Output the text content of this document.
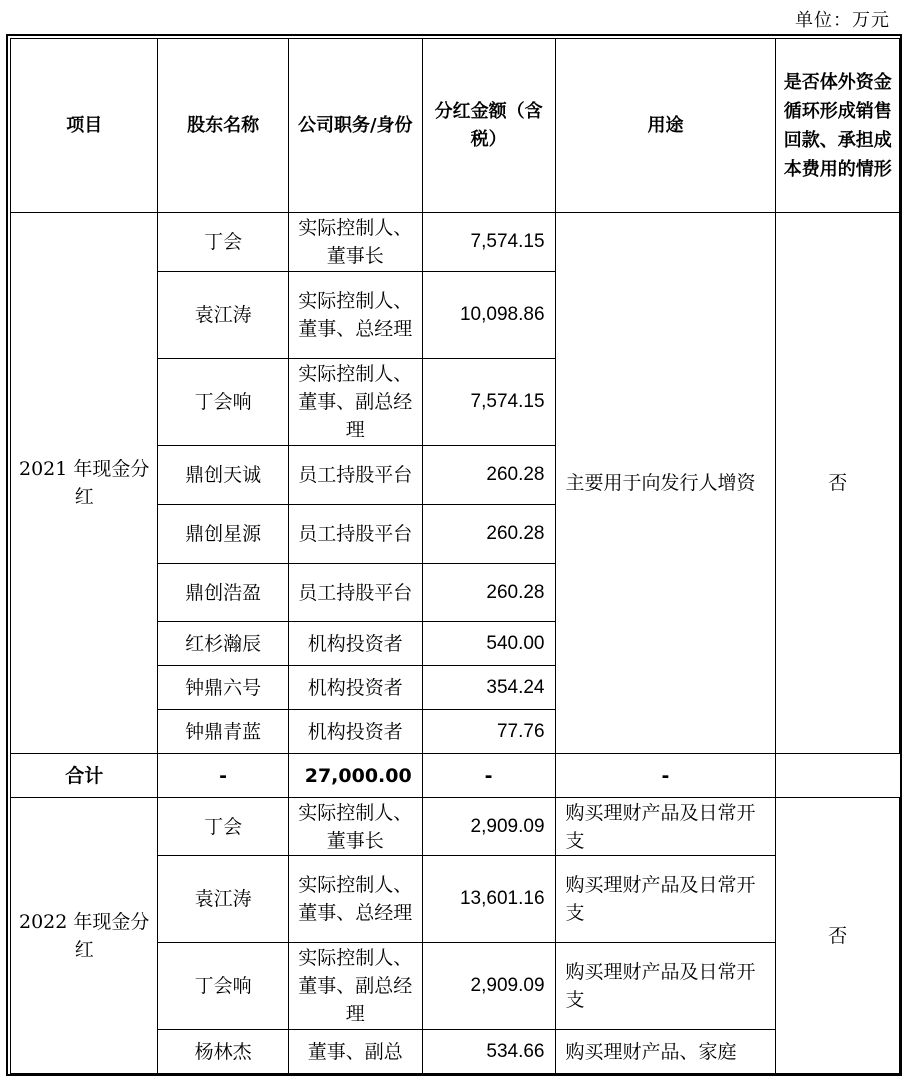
单位：万元
项目	股东名称	公司职务/身份	分红金额（含税）	用途	是否体外资金循环形成销售回款、承担成本费用的情形
2021 年现金分红	丁会	实际控制人、董事长	7,574.15	主要用于向发行人增资	否
	袁江涛	实际控制人、董事、总经理	10,098.86		
	丁会响	实际控制人、董事、副总经理	7,574.15		
	鼎创天诚	员工持股平台	260.28		
	鼎创星源	员工持股平台	260.28		
	鼎创浩盈	员工持股平台	260.28		
	红杉瀚辰	机构投资者	540.00		
	钟鼎六号	机构投资者	354.24		
	钟鼎青蓝	机构投资者	77.76		
合计	-	27,000.00	-	-	
2022 年现金分红	丁会	实际控制人、董事长	2,909.09	购买理财产品及日常开支	否
	袁江涛	实际控制人、董事、总经理	13,601.16	购买理财产品及日常开支	
	丁会响	实际控制人、董事、副总经理	2,909.09	购买理财产品及日常开支	
	杨林杰	董事、副总	534.66	购买理财产品、家庭	
